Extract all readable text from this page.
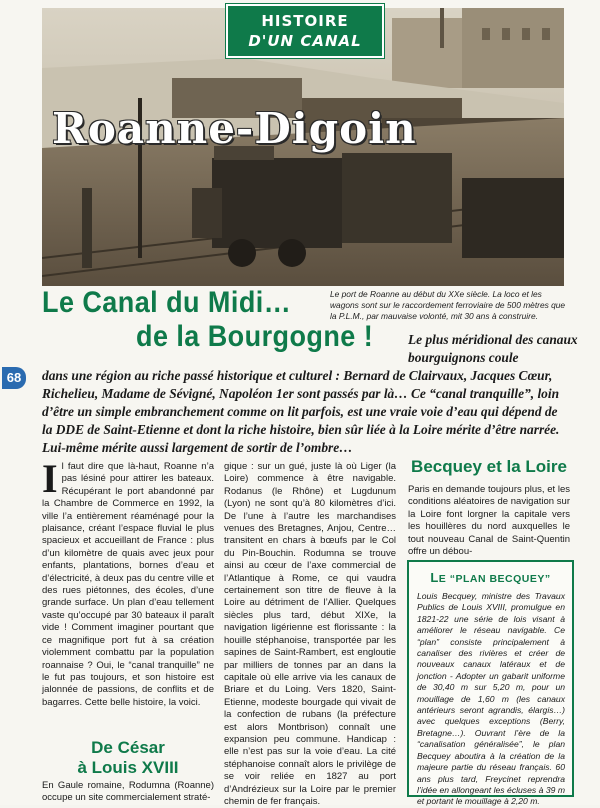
HISTOIRE
D'UN CANAL
Roanne-Digoin
Le port de Roanne au début du XXe siècle. La loco et les wagons sont sur le raccordement ferroviaire de 500 mètres que la P.L.M., par mauvaise volonté, mit 30 ans à construire.
Le Canal du Midi…
de la Bourgogne !	Le plus méridional des canaux bourguignons coule
dans une région au riche passé historique et culturel : Bernard de Clairvaux, Jacques Cœur, Richelieu, Madame de Sévigné, Napoléon 1er sont passés par là… Ce “canal tranquille”, loin d’être un simple embranchement comme on lit parfois, est une vraie voie d’eau qui dépend de la DDE de Saint-Etienne et dont la riche histoire, bien sûr liée à la Loire mérite d’être narrée. Lui-même mérite aussi largement de sortir de l’ombre…
68
Il faut dire que là-haut, Roanne n’a pas lésiné pour attirer les bateaux. Récupérant le port abandonné par la Chambre de Commerce en 1992, la ville l’a entièrement réaménagé pour la plaisance, créant l’espace fluvial le plus spacieux et accueillant de France : plus d’un kilomètre de quais avec jeux pour enfants, plantations, bornes d’eau et d’électricité, à deux pas du centre ville et des rues piétonnes, des écoles, d’une grande surface. Un plan d’eau tellement vaste qu’occupé par 30 bateaux il paraît vide ! Comment imaginer pourtant que ce magnifique port fut à sa création violemment combattu par la population roannaise ? Oui, le “canal tranquille” ne le fut pas toujours, et son histoire est jalonnée de passions, de conflits et de bagarres. Cette belle histoire, la voici.
De César
à Louis XVIII
En Gaule romaine, Rodumna (Roanne) occupe un site commercialement straté-
gique : sur un gué, juste là où Liger (la Loire) commence à être navigable. Rodanus (le Rhône) et Lugdunum (Lyon) ne sont qu’à 80 kilomètres d’ici. De l’une à l’autre les marchandises venues des Bretagnes, Anjou, Centre… transitent en chars à bœufs par le Col du Pin-Bouchin. Rodumna se trouve ainsi au cœur de l’axe commercial de l’Atlantique à Rome, ce qui vaudra certainement son titre de fleuve à la Loire au détriment de l’Allier. Quelques siècles plus tard, début XIXe, la navigation ligérienne est florissante : la houille stéphanoise, transportée par les sapines de Saint-Rambert, est engloutie par milliers de tonnes par an dans la capitale où elle arrive via les canaux de Briare et du Loing. Vers 1820, Saint-Etienne, modeste bourgade qui vivait de la confection de rubans (la préfecture est alors Montbrison) connaît une expansion peu commune. Handicap : elle n’est pas sur la voie d’eau. La cité stéphanoise connaît alors le privilège de se voir reliée en 1827 au port d’Andrézieux sur la Loire par le premier chemin de fer français.
Becquey et la Loire
Paris en demande toujours plus, et les conditions aléatoires de navigation sur la Loire font lorgner la capitale vers les houillères du nord auxquelles le tout nouveau Canal de Saint-Quentin offre un débou-
LE “PLAN BECQUEY”
Louis Becquey, ministre des Travaux Publics de Louis XVIII, promulgue en 1821-22 une série de lois visant à améliorer le réseau navigable. Ce “plan” consiste principalement à canaliser des rivières et créer de nouveaux canaux latéraux et de jonction - Adopter un gabarit uniforme de 30,40 m sur 5,20 m, pour un mouillage de 1,60 m (les canaux antérieurs seront agrandis, élargis…) avec quelques exceptions (Berry, Bretagne…). Ouvrant l’ère de la “canalisation généralisée”, le plan Becquey aboutira à la création de la majeure partie du réseau français. 60 ans plus tard, Freycinet reprendra l’idée en allongeant les écluses à 39 m et portant le mouillage à 2,20 m.
